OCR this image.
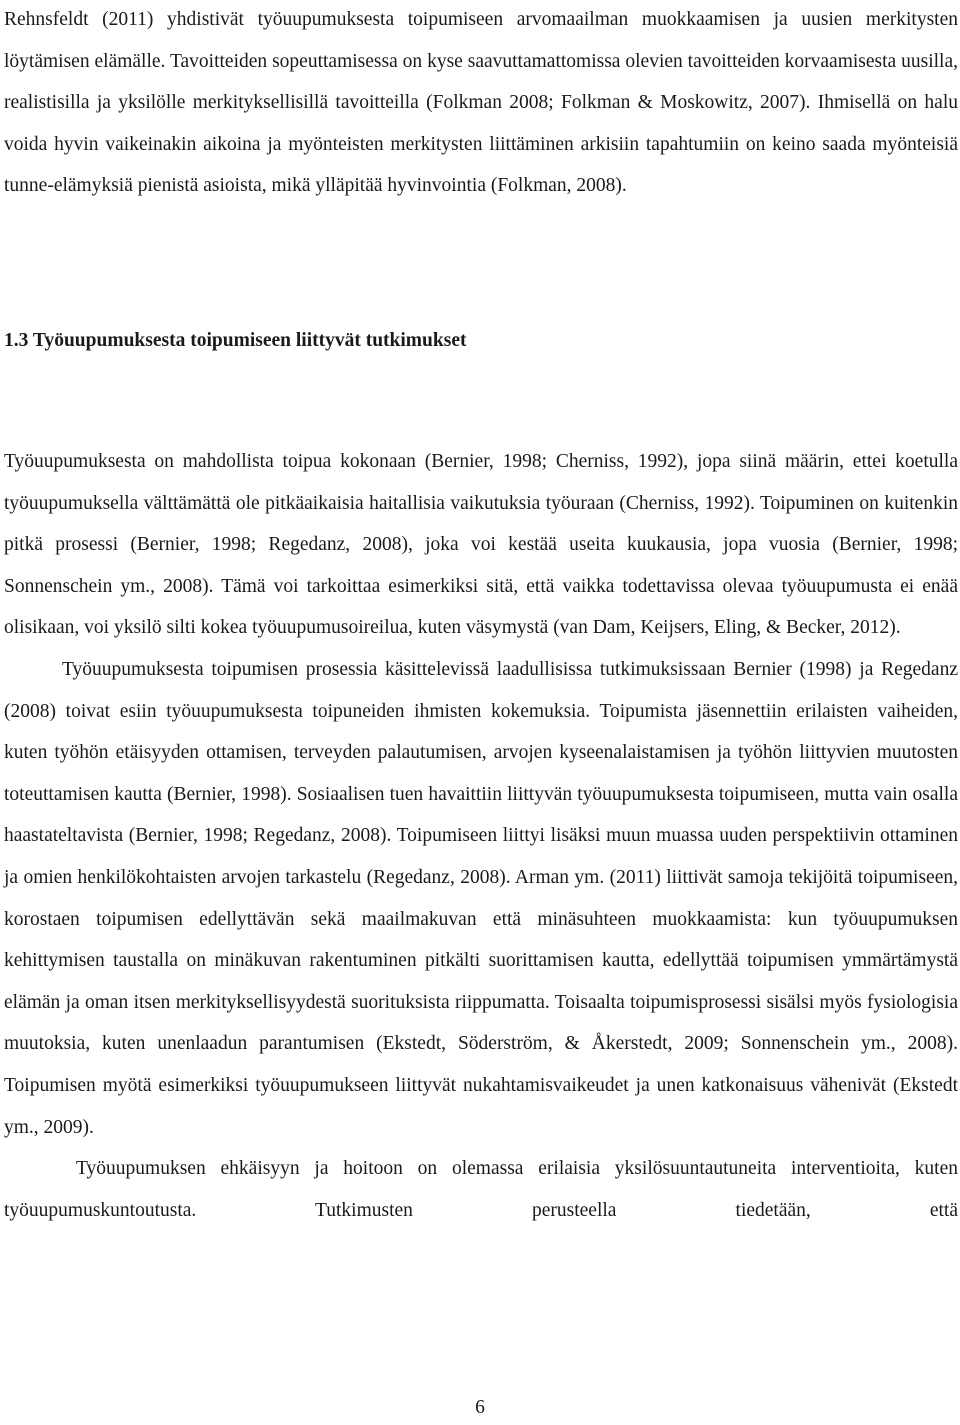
Rehnsfeldt (2011) yhdistivät työuupumuksesta toipumiseen arvomaailman muokkaamisen ja uusien merkitysten löytämisen elämälle. Tavoitteiden sopeuttamisessa on kyse saavuttamattomissa olevien tavoitteiden korvaamisesta uusilla, realistisilla ja yksilölle merkityksellisillä tavoitteilla (Folkman 2008; Folkman & Moskowitz, 2007). Ihmisellä on halu voida hyvin vaikeinakin aikoina ja myönteisten merkitysten liittäminen arkisiin tapahtumiin on keino saada myönteisiä tunne-elämyksiä pienistä asioista, mikä ylläpitää hyvinvointia (Folkman, 2008).

1.3 Työuupumuksesta toipumiseen liittyvät tutkimukset

Työuupumuksesta on mahdollista toipua kokonaan (Bernier, 1998; Cherniss, 1992), jopa siinä määrin, ettei koetulla työuupumuksella välttämättä ole pitkäaikaisia haitallisia vaikutuksia työuraan (Cherniss, 1992). Toipuminen on kuitenkin pitkä prosessi (Bernier, 1998; Regedanz, 2008), joka voi kestää useita kuukausia, jopa vuosia (Bernier, 1998; Sonnenschein ym., 2008). Tämä voi tarkoittaa esimerkiksi sitä, että vaikka todettavissa olevaa työuupumusta ei enää olisikaan, voi yksilö silti kokea työuupumusoireilua, kuten väsymystä (van Dam, Keijsers, Eling, & Becker, 2012).

Työuupumuksesta toipumisen prosessia käsittelevissä laadullisissa tutkimuksissaan Bernier (1998) ja Regedanz (2008) toivat esiin työuupumuksesta toipuneiden ihmisten kokemuksia. Toipumista jäsennettiin erilaisten vaiheiden, kuten työhön etäisyyden ottamisen, terveyden palautumisen, arvojen kyseenalaistamisen ja työhön liittyvien muutosten toteuttamisen kautta (Bernier, 1998). Sosiaalisen tuen havaittiin liittyvän työuupumuksesta toipumiseen, mutta vain osalla haastateltavista (Bernier, 1998; Regedanz, 2008). Toipumiseen liittyi lisäksi muun muassa uuden perspektiivin ottaminen ja omien henkilökohtaisten arvojen tarkastelu (Regedanz, 2008). Arman ym. (2011) liittivät samoja tekijöitä toipumiseen, korostaen toipumisen edellyttävän sekä maailmakuvan että minäsuhteen muokkaamista: kun työuupumuksen kehittymisen taustalla on minäkuvan rakentuminen pitkälti suorittamisen kautta, edellyttää toipumisen ymmärtämystä elämän ja oman itsen merkityksellisyydestä suorituksista riippumatta. Toisaalta toipumisprosessi sisälsi myös fysiologisia muutoksia, kuten unenlaadun parantumisen (Ekstedt, Söderström, & Åkerstedt, 2009; Sonnenschein ym., 2008). Toipumisen myötä esimerkiksi työuupumukseen liittyvät nukahtamisvaikeudet ja unen katkonaisuus vähenivät (Ekstedt ym., 2009).

Työuupumuksen ehkäisyyn ja hoitoon on olemassa erilaisia yksilösuuntautuneita interventioita, kuten työuupumuskuntoutusta. Tutkimusten perusteella tiedetään, että

6
